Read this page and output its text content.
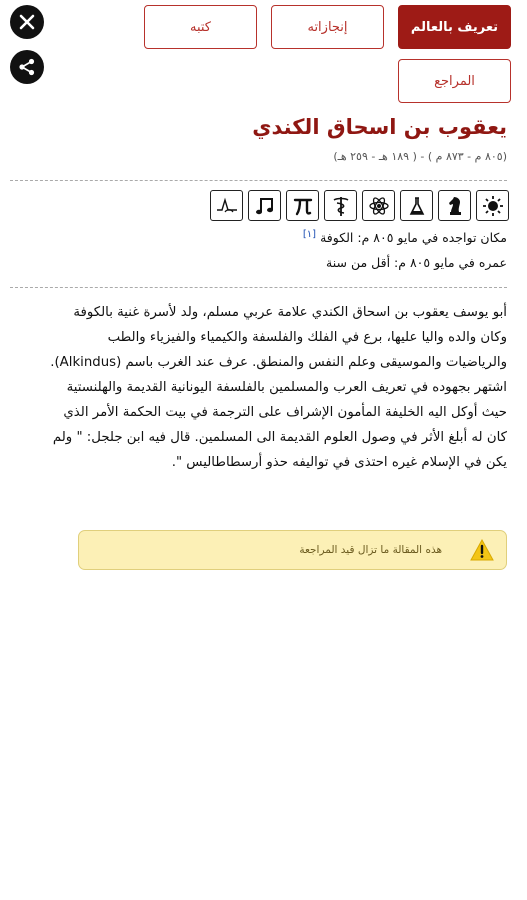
تعريف بالعالم
إنجازاته
كتبه
المراجع
يعقوب بن اسحاق الكندي
(٨٠٥ م - ٨٧٣ م ) - ( ١٨٩ هـ - ٢٥٩ هـ)
مكان تواجده في مايو ٨٠٥ م: الكوفة [١]
عمره في مايو ٨٠٥ م: أقل من سنة
أبو يوسف يعقوب بن اسحاق الكندي علامة عربي مسلم، ولد لأسرة غنية بالكوفة
وكان والده واليا عليها، برع في الفلك والفلسفة والكيمياء والفيزياء والطب
والرياضيات والموسيقى وعلم النفس والمنطق. عرف عند الغرب باسم (Alkindus).
اشتهر بجهوده في تعريف العرب والمسلمين بالفلسفة اليونانية القديمة والهلنستية
حيث أوكل اليه الخليفة المأمون الإشراف على الترجمة في بيت الحكمة الأمر الذي
كان له أبلغ الأثر في وصول العلوم القديمة الى المسلمين. قال فيه ابن جلجل: " ولم
يكن في الإسلام غيره احتذى في تواليفه حذو أرسطاطاليس ".
هذه المقالة ما تزال قيد المراجعة
